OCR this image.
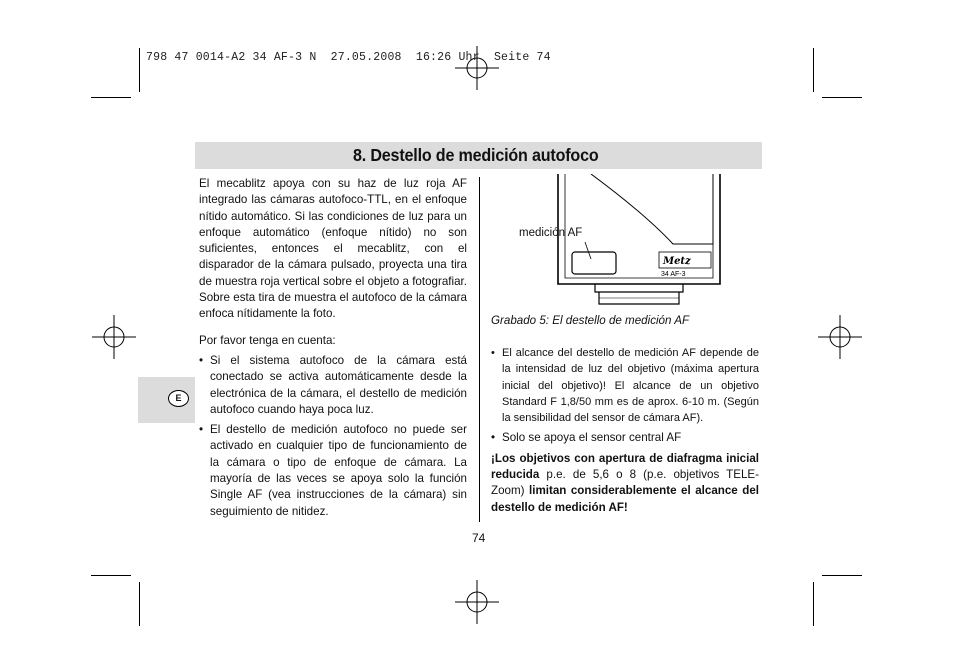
798 47 0014-A2 34 AF-3 N  27.05.2008  16:26 Uhr  Seite 74
8. Destello de medición autofoco
E

El mecablitz apoya con su haz de luz roja AF integrado las cámaras autofoco-TTL, en el enfoque nítido automático. Si las condiciones de luz para un enfoque automático (enfoque nítido) no son suficientes, entonces el mecablitz, con el disparador de la cámara pulsado, proyecta una tira de muestra roja vertical sobre el objeto a fotografiar. Sobre esta tira de muestra el autofoco de la cámara enfoca nítidamente la foto.

Por favor tenga en cuenta:

• Si el sistema autofoco de la cámara está conectado se activa automáticamente desde la electrónica de la cámara, el destello de medición autofoco cuando haya poca luz.

• El destello de medición autofoco no puede ser activado en cualquier tipo de funcionamiento de la cámara o tipo de enfoque de cámara. La mayoría de las veces se apoya solo la función Single AF (vea instrucciones de la cámara) sin seguimiento de nitidez.

Metz
34 AF-3
medición AF
Grabado 5: El destello de medición AF

• El alcance del destello de medición AF depende de la intensidad de luz del objetivo (máxima apertura inicial del objetivo)! El alcance de un objetivo Standard F 1,8/50 mm es de aprox. 6-10 m. (Según la sensibilidad del sensor de cámara AF).

• Solo se apoya el sensor central AF

¡Los objetivos con apertura de diafragma inicial reducida p.e. de 5,6 o 8 (p.e. objetivos TELE-Zoom) limitan considerablemente el alcance del destello de medición AF!

74
